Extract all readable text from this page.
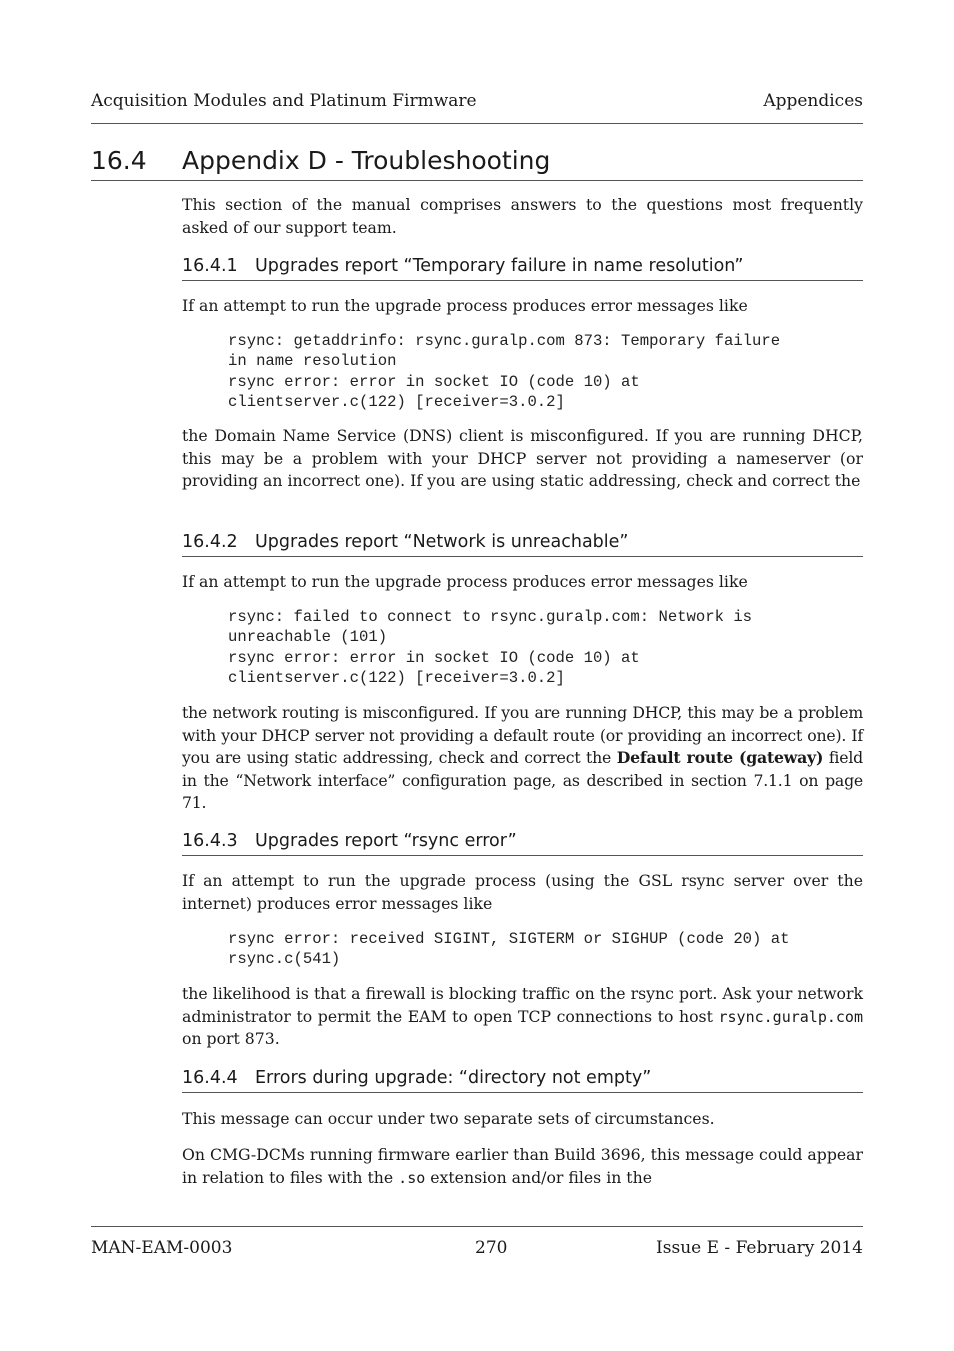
Acquisition Modules and Platinum Firmware	Appendices
16.4 Appendix D - Troubleshooting

This section of the manual comprises answers to the questions most frequently asked of our support team.

16.4.1 Upgrades report “Temporary failure in name resolution”

If an attempt to run the upgrade process produces error messages like

rsync: getaddrinfo: rsync.guralp.com 873: Temporary failure
in name resolution
rsync error: error in socket IO (code 10) at
clientserver.c(122) [receiver=3.0.2]

the Domain Name Service (DNS) client is misconfigured. If you are running DHCP, this may be a problem with your DHCP server not providing a nameserver (or providing an incorrect one). If you are using static addressing, check and correct the

16.4.2 Upgrades report “Network is unreachable”

If an attempt to run the upgrade process produces error messages like

rsync: failed to connect to rsync.guralp.com: Network is
unreachable (101)
rsync error: error in socket IO (code 10) at
clientserver.c(122) [receiver=3.0.2]

the network routing is misconfigured. If you are running DHCP, this may be a problem with your DHCP server not providing a default route (or providing an incorrect one). If you are using static addressing, check and correct the Default route (gateway) field in the “Network interface” configuration page, as described in section 7.1.1 on page 71.

16.4.3 Upgrades report “rsync error”

If an attempt to run the upgrade process (using the GSL rsync server over the internet) produces error messages like

rsync error: received SIGINT, SIGTERM or SIGHUP (code 20) at
rsync.c(541)

the likelihood is that a firewall is blocking traffic on the rsync port. Ask your network administrator to permit the EAM to open TCP connections to host rsync.guralp.com on port 873.

16.4.4 Errors during upgrade: “directory not empty”

This message can occur under two separate sets of circumstances.

On CMG-DCMs running firmware earlier than Build 3696, this message could appear in relation to files with the .so extension and/or files in the

MAN-EAM-0003	270	Issue E - February 2014
